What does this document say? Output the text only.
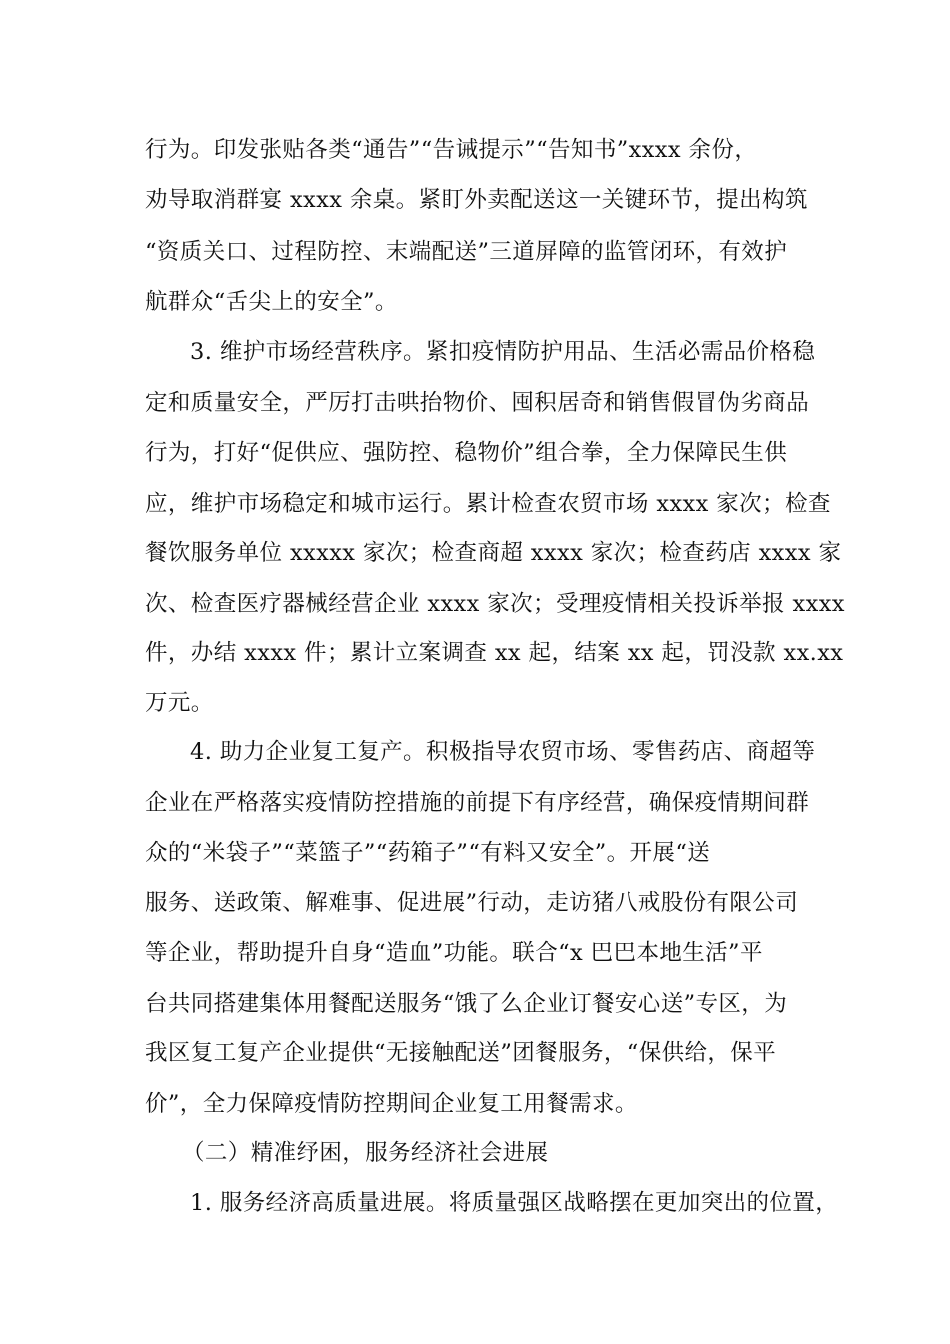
行为。印发张贴各类“通告”“告诫提示”“告知书”xxxx 余份，
劝导取消群宴 xxxx 余桌。紧盯外卖配送这一关键环节，提出构筑
“资质关口、过程防控、末端配送”三道屏障的监管闭环，有效护
航群众“舌尖上的安全”。
3. 维护市场经营秩序。紧扣疫情防护用品、生活必需品价格稳
定和质量安全，严厉打击哄抬物价、囤积居奇和销售假冒伪劣商品
行为，打好“促供应、强防控、稳物价”组合拳，全力保障民生供
应，维护市场稳定和城市运行。累计检查农贸市场 xxxx 家次；检查
餐饮服务单位 xxxxx 家次；检查商超 xxxx 家次；检查药店 xxxx 家
次、检查医疗器械经营企业 xxxx 家次；受理疫情相关投诉举报 xxxx
件，办结 xxxx 件；累计立案调查 xx 起，结案 xx 起，罚没款 xx.xx
万元。
4. 助力企业复工复产。积极指导农贸市场、零售药店、商超等
企业在严格落实疫情防控措施的前提下有序经营，确保疫情期间群
众的“米袋子”“菜篮子”“药箱子”“有料又安全”。开展“送
服务、送政策、解难事、促进展”行动，走访猪八戒股份有限公司
等企业，帮助提升自身“造血”功能。联合“x 巴巴本地生活”平
台共同搭建集体用餐配送服务“饿了么企业订餐安心送”专区，为
我区复工复产企业提供“无接触配送”团餐服务，“保供给，保平
价”，全力保障疫情防控期间企业复工用餐需求。
（二）精准纾困，服务经济社会进展
1. 服务经济高质量进展。将质量强区战略摆在更加突出的位置，
